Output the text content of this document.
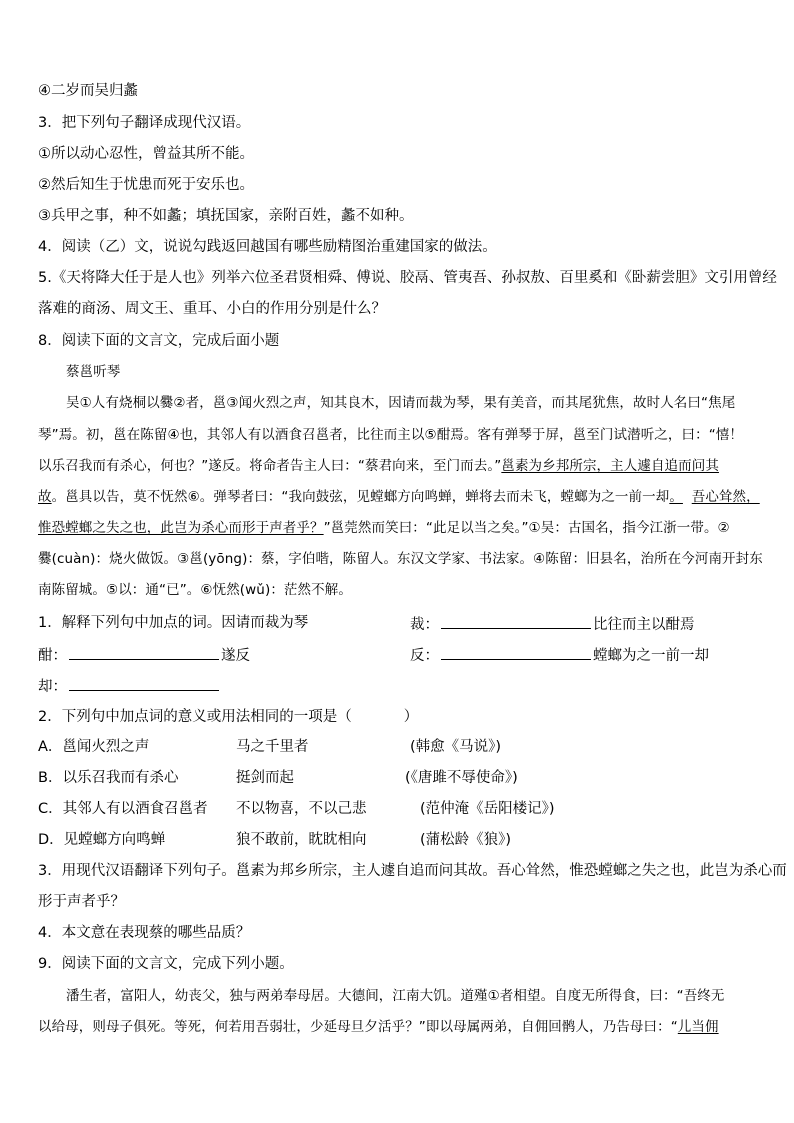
④二岁而吴归蠡
3．把下列句子翻译成现代汉语。
①所以动心忍性，曾益其所不能。
②然后知生于忧患而死于安乐也。
③兵甲之事，种不如蠡；填抚国家，亲附百姓，蠡不如种。
4．阅读（乙）文，说说勾践返回越国有哪些励精图治重建国家的做法。
5.《天将降大任于是人也》列举六位圣君贤相舜、傅说、胶鬲、管夷吾、孙叔敖、百里奚和《卧薪尝胆》文引用曾经
落难的商汤、周文王、重耳、小白的作用分别是什么？
8．阅读下面的文言文，完成后面小题
蔡邕听琴
吴①人有烧桐以爨②者，邕③闻火烈之声，知其良木，因请而裁为琴，果有美音，而其尾犹焦，故时人名曰“焦尾
琴”焉。初，邕在陈留④也，其邻人有以酒食召邕者，比往而主以⑤酣焉。客有弹琴于屏，邕至门试潜听之，曰：“憘！
以乐召我而有杀心，何也？”遂反。将命者告主人曰：“蔡君向来，至门而去。”邕素为乡邦所宗，主人遽自追而问其
故。邕具以告，莫不怃然⑥。弹琴者曰：“我向鼓弦，见螳螂方向鸣蝉，蝉将去而未飞，螳螂为之一前一却。 吾心耸然，
惟恐螳螂之失之也，此岂为杀心而形于声者乎？”邕莞然而笑曰：“此足以当之矣。”①吴：古国名，指今江浙一带。②
爨(cuàn)：烧火做饭。③邕(yōng)：蔡，字伯喈，陈留人。东汉文学家、书法家。④陈留：旧县名，治所在今河南开封东
南陈留城。⑤以：通“已”。⑥怃然(wǔ)：茫然不解。
1．解释下列句中加点的词。因请而裁为琴	裁：	比往而主以酣焉
酣：	遂反	反：	螳螂为之一前一却
却：
2．下列句中加点词的意义或用法相同的一项是（	）
A．邕闻火烈之声	马之千里者	(韩愈《马说》)
B．以乐召我而有杀心	挺剑而起	(《唐雎不辱使命》)
C．其邻人有以酒食召邕者 不以物喜，不以己悲	(范仲淹《岳阳楼记》)
D．见螳螂方向鸣蝉	狼不敢前，眈眈相向	(蒲松龄《狼》)
3．用现代汉语翻译下列句子。邕素为邦乡所宗，主人遽自追而问其故。吾心耸然，惟恐螳螂之失之也，此岂为杀心而
形于声者乎？
4．本文意在表现蔡的哪些品质？
9．阅读下面的文言文，完成下列小题。
潘生者，富阳人，幼丧父，独与两弟奉母居。大德间，江南大饥。道殣①者相望。自度无所得食，曰：“吾终无
以给母，则母子俱死。等死，何若用吾弱壮，少延母旦夕活乎？”即以母属两弟，自佣回鹘人，乃告母曰：“儿当佣
